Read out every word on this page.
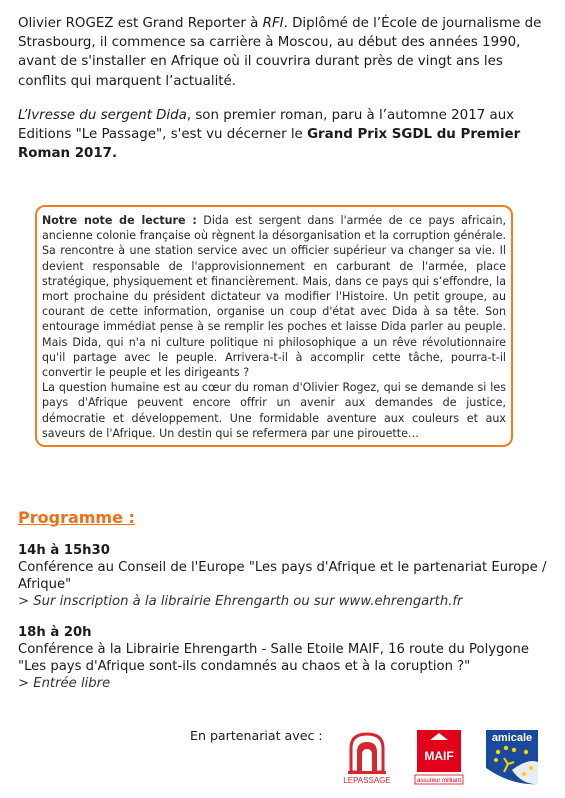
Olivier ROGEZ est Grand Reporter à RFI. Diplômé de l’École de journalisme de Strasbourg, il commence sa carrière à Moscou, au début des années 1990, avant de s'installer en Afrique où il couvrira durant près de vingt ans les conflits qui marquent l’actualité.

L’Ivresse du sergent Dida, son premier roman, paru à l’automne 2017 aux Editions "Le Passage", s'est vu décerner le Grand Prix SGDL du Premier Roman 2017.

Notre note de lecture : Dida est sergent dans l'armée de ce pays africain, ancienne colonie française où règnent la désorganisation et la corruption générale. Sa rencontre à une station service avec un officier supérieur va changer sa vie. Il devient responsable de l'approvisionnement en carburant de l'armée, place stratégique, physiquement et financièrement. Mais, dans ce pays qui s’effondre, la mort prochaine du président dictateur va modifier l'Histoire. Un petit groupe, au courant de cette information, organise un coup d'état avec Dida à sa tête. Son entourage immédiat pense à se remplir les poches et laisse Dida parler au peuple. Mais Dida, qui n'a ni culture politique ni philosophique a un rêve révolutionnaire qu'il partage avec le peuple. Arrivera-t-il à accomplir cette tâche, pourra-t-il convertir le peuple et les dirigeants ?

La question humaine est au cœur du roman d'Olivier Rogez, qui se demande si les pays d'Afrique peuvent encore offrir un avenir aux demandes de justice, démocratie et développement. Une formidable aventure aux couleurs et aux saveurs de l'Afrique. Un destin qui se refermera par une pirouette…

Programme :
14h à 15h30
Conférence au Conseil de l'Europe "Les pays d'Afrique et le partenariat Europe / Afrique"
> Sur inscription à la librairie Ehrengarth ou sur www.ehrengarth.fr
18h à 20h
Conférence à la Librairie Ehrengarth - Salle Etoile MAIF, 16 route du Polygone
"Les pays d'Afrique sont-ils condamnés au chaos et à la coruption ?"
> Entrée libre
En partenariat avec :
LEPASSAGE
MAIF
assureur militant
amicale
